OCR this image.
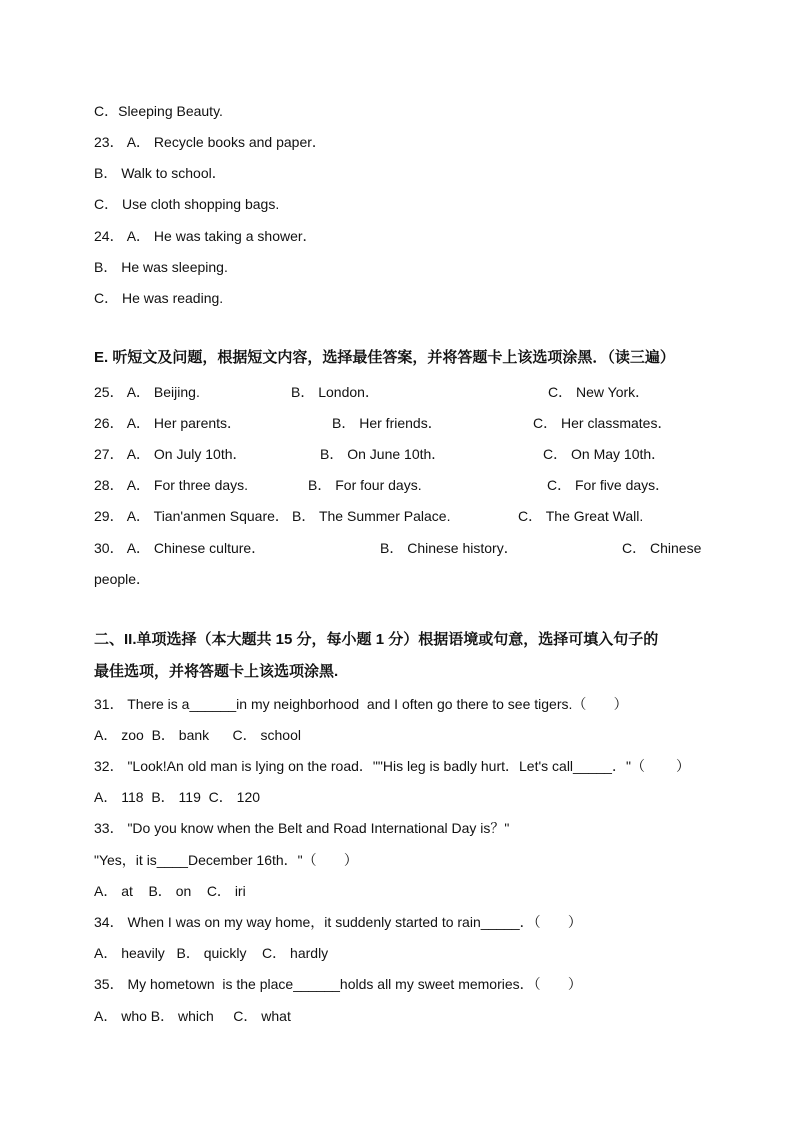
C．Sleeping Beauty.
23． A． Recycle books and paper．
B． Walk to school．
C． Use cloth shopping bags.
24． A． He was taking a shower．
B． He was sleeping.
C． He was reading.
E. 听短文及问题，根据短文内容，选择最佳答案，并将答题卡上该选项涂黑．（读三遍）
25． A． Beijing.	B． London．	C． New York．
26． A． Her parents．	B． Her friends．	C． Her classmates．
27． A． On July 10th．	B． On June 10th．	C． On May 10th．
28． A． For three days.	B． For four days.	C． For five days．
29． A． Tian'anmen Square． B． The Summer Palace.	C． The Great Wall.
30． A． Chinese culture．	B． Chinese history．	C． Chinese
people．
二、II.单项选择（本大题共 15 分，每小题 1 分）根据语境或句意，选择可填入句子的
最佳选项，并将答题卡上该选项涂黑.
31． There is a______in my neighborhood  and I often go there to see tigers.（       ）
A． zoo  B． bank      C． school
32． "Look!An old man is lying on the road．""His leg is badly hurt．Let's call_____．"（        ）
A． 118  B． 119  C． 120
33． "Do you know when the Belt and Road International Day is？"
"Yes，it is____December 16th．"（       ）
A． at    B． on    C． iri
34． When I was on my way home，it suddenly started to rain_____．（       ）
A． heavily   B． quickly    C． hardly
35． My hometown  is the place______holds all my sweet memories．（       ）
A． who B． which     C． what
